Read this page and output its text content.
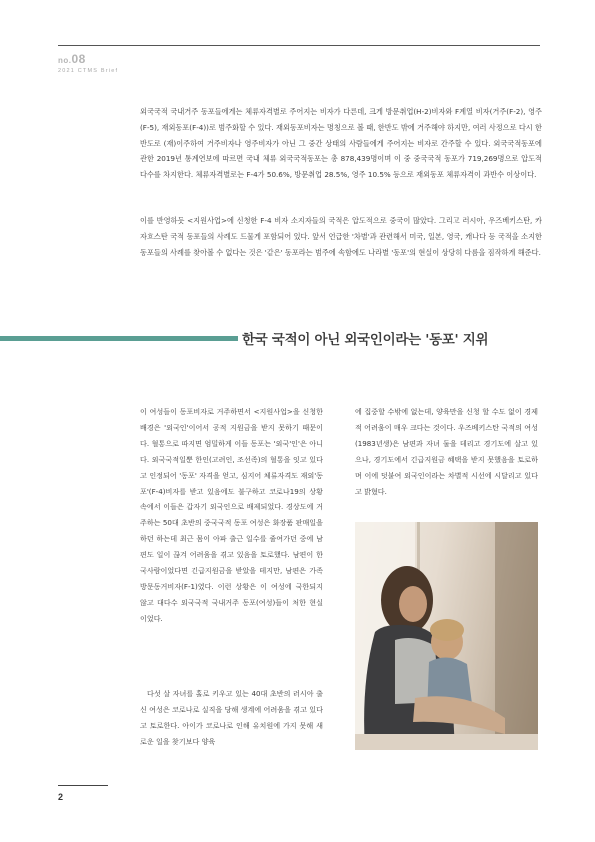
no.08
2021 CTMS Brief

외국국적 국내거주 동포들에게는 체류자격별로 주어지는 비자가 다른데, 크게 방문취업(H-2)비자와 F계열 비자(거주(F-2), 영주(F-5), 재외동포(F-4))로 범주화할 수 있다. 재외동포비자는 명칭으로 볼 때, 한반도 밖에 거주해야 하지만, 여러 사정으로 다시 한반도로 (재)이주하여 거주비자나 영주비자가 아닌 그 중간 상태의 사람들에게 주어지는 비자로 간주할 수 있다. 외국국적동포에 관한 2019년 통계연보에 따르면 국내 체류 외국국적동포는 총 878,439명이며 이 중 중국국적 동포가 719,269명으로 압도적 다수를 차지한다. 체류자격별로는 F-4가 50.6%, 방문취업 28.5%, 영주 10.5% 등으로 재외동포 체류자격이 과반수 이상이다.

이를 반영하듯 <지원사업>에 신청한 F-4 비자 소지자들의 국적은 압도적으로 중국이 많았다. 그리고 러시아, 우즈베키스탄, 카자흐스탄 국적 동포들의 사례도 드물게 포함되어 있다. 앞서 언급한 '차별'과 관련해서 미국, 일본, 영국, 캐나다 등 국적을 소지한 동포들의 사례를 찾아볼 수 없다는 것은 '같은' 동포라는 범주에 속함에도 나라별 '동포'의 현실이 상당히 다름을 짐작하게 해준다.

한국 국적이 아닌 외국인이라는 '동포' 지위

이 여성들이 동포비자로 거주하면서 <지원사업>을 신청한 배경은 '외국인'이어서 공적 지원금을 받지 못하기 때문이다. 혈통으로 따지면 엄밀하게 이들 동포는 '외국'인'은 아니다. 외국국적일뿐 한인(고려인, 조선족)의 혈통을 잇고 있다고 인정되어 '동포' 자격을 얻고, 심지어 체류자격도 재외'동포'(F-4)비자를 받고 있음에도 불구하고 코로나19의 상황 속에서 이들은 갑자기 외국인으로 배제되었다. 경상도에 거주하는 50대 초반의 중국국적 동포 여성은 화장품 판매일을 하던 하는데 최근 몸이 아파 출근 일수를 줄여가던 중에 남편도 일이 끊겨 어려움을 겪고 있음을 토로했다. 남편이 한국사람이었다면 긴급지원금을 받았을 테지만, 남편은 가족방문동거비자(F-1)였다. 이런 상황은 이 여성에 국한되지 않고 대다수 외국국적 국내거주 동포(여성)들이 처한 현실이었다.

다섯 살 자녀를 홀로 키우고 있는 40대 초반의 러시아 출신 여성은 코로나로 실직을 당해 생계에 어려움을 겪고 있다고 토로한다. 아이가 코로나로 인해 유치원에 가지 못해 새로운 일을 찾기보다 양육

에 집중할 수밖에 없는데, 양육만을 신청 할 수도 없이 경제적 어려움이 매우 크다는 것이다. 우즈베키스탄 국적의 여성(1983년생)은 남편과 자녀 둘을 데리고 경기도에 살고 있으나, 경기도에서 긴급지원금 혜택을 받지 못했음을 토로하며 이에 덧붙여 외국인이라는 차별적 시선에 시달리고 있다고 밝혔다.

2
